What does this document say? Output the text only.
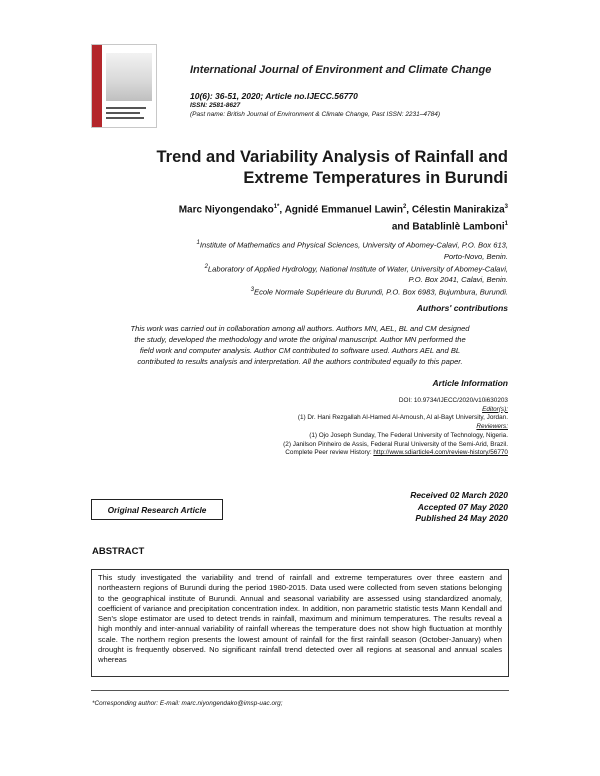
International Journal of Environment and Climate Change
10(6): 36-51, 2020; Article no.IJECC.56770
ISSN: 2581-8627
(Past name: British Journal of Environment & Climate Change, Past ISSN: 2231–4784)
Trend and Variability Analysis of Rainfall and
Extreme Temperatures in Burundi
Marc Niyongendako$^{1*}$, Agnidé Emmanuel Lawin$^2$, Célestin Manirakiza$^3$
and Batablinlè Lamboni$^1$
$^1$Institute of Mathematics and Physical Sciences, University of Abomey-Calavi, P.O. Box 613,
Porto-Novo, Benin.
$^2$Laboratory of Applied Hydrology, National Institute of Water, University of Abomey-Calavi,
P.O. Box 2041, Calavi, Benin.
$^3$Ecole Normale Supérieure du Burundi, P.O. Box 6983, Bujumbura, Burundi.
Authors' contributions
This work was carried out in collaboration among all authors. Authors MN, AEL, BL and CM designed
the study, developed the methodology and wrote the original manuscript. Author MN performed the
field work and computer analysis. Author CM contributed to software used. Authors AEL and BL
contributed to results analysis and interpretation. All the authors contributed equally to this paper.
Article Information
DOI: 10.9734/IJECC/2020/v10i630203
Editor(s):
(1) Dr. Hani Rezgallah Al-Hamed Al-Amoush, Al al-Bayt University, Jordan.
Reviewers:
(1) Ojo Joseph Sunday, The Federal University of Technology, Nigeria.
(2) Janilson Pinheiro de Assis, Federal Rural University of the Semi-Arid, Brazil.
Complete Peer review History: http://www.sdiarticle4.com/review-history/56770
Received 02 March 2020
Accepted 07 May 2020
Published 24 May 2020
Original Research Article
ABSTRACT
This study investigated the variability and trend of rainfall and extreme temperatures over three eastern and northeastern regions of Burundi during the period 1980-2015. Data used were collected from seven stations belonging to the geographical institute of Burundi. Annual and seasonal variability are assessed using standardized anomaly, coefficient of variance and precipitation concentration index. In addition, non parametric statistic tests Mann Kendall and Sen's slope estimator are used to detect trends in rainfall, maximum and minimum temperatures. The results reveal a high monthly and inter-annual variability of rainfall whereas the temperature does not show high fluctuation at monthly scale. The northern region presents the lowest amount of rainfall for the first rainfall season (October-January) when drought is frequently observed. No significant rainfall trend detected over all regions at seasonal and annual scales whereas
*Corresponding author: E-mail: marc.niyongendako@imsp-uac.org;
